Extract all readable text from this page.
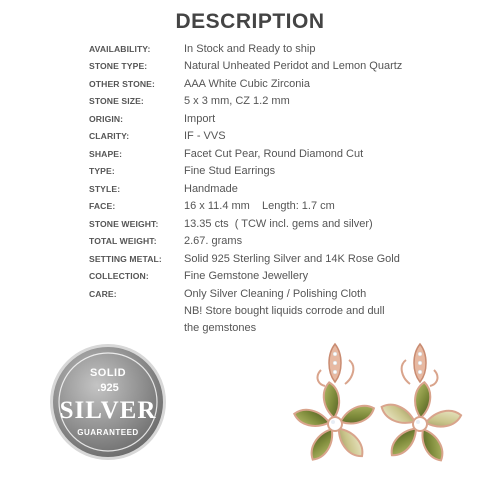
DESCRIPTION
AVAILABILITY:	In Stock and Ready to ship
STONE TYPE:	Natural Unheated Peridot and Lemon Quartz
OTHER STONE:	AAA White Cubic Zirconia
STONE SIZE:	5 x 3 mm, CZ 1.2 mm
ORIGIN:	Import
CLARITY:	IF - VVS
SHAPE:	Facet Cut Pear, Round Diamond Cut
TYPE:	Fine Stud Earrings
STYLE:	Handmade
FACE:	16 x 11.4 mm    Length: 1.7 cm
STONE WEIGHT:	13.35 cts  ( TCW incl. gems and silver)
TOTAL WEIGHT:	2.67. grams
SETTING METAL:	Solid 925 Sterling Silver and 14K Rose Gold
COLLECTION:	Fine Gemstone Jewellery
CARE:	Only Silver Cleaning / Polishing Cloth
NB! Store bought liquids corrode and dull
the gemstones
SOLID
.925
SILVER
GUARANTEED
